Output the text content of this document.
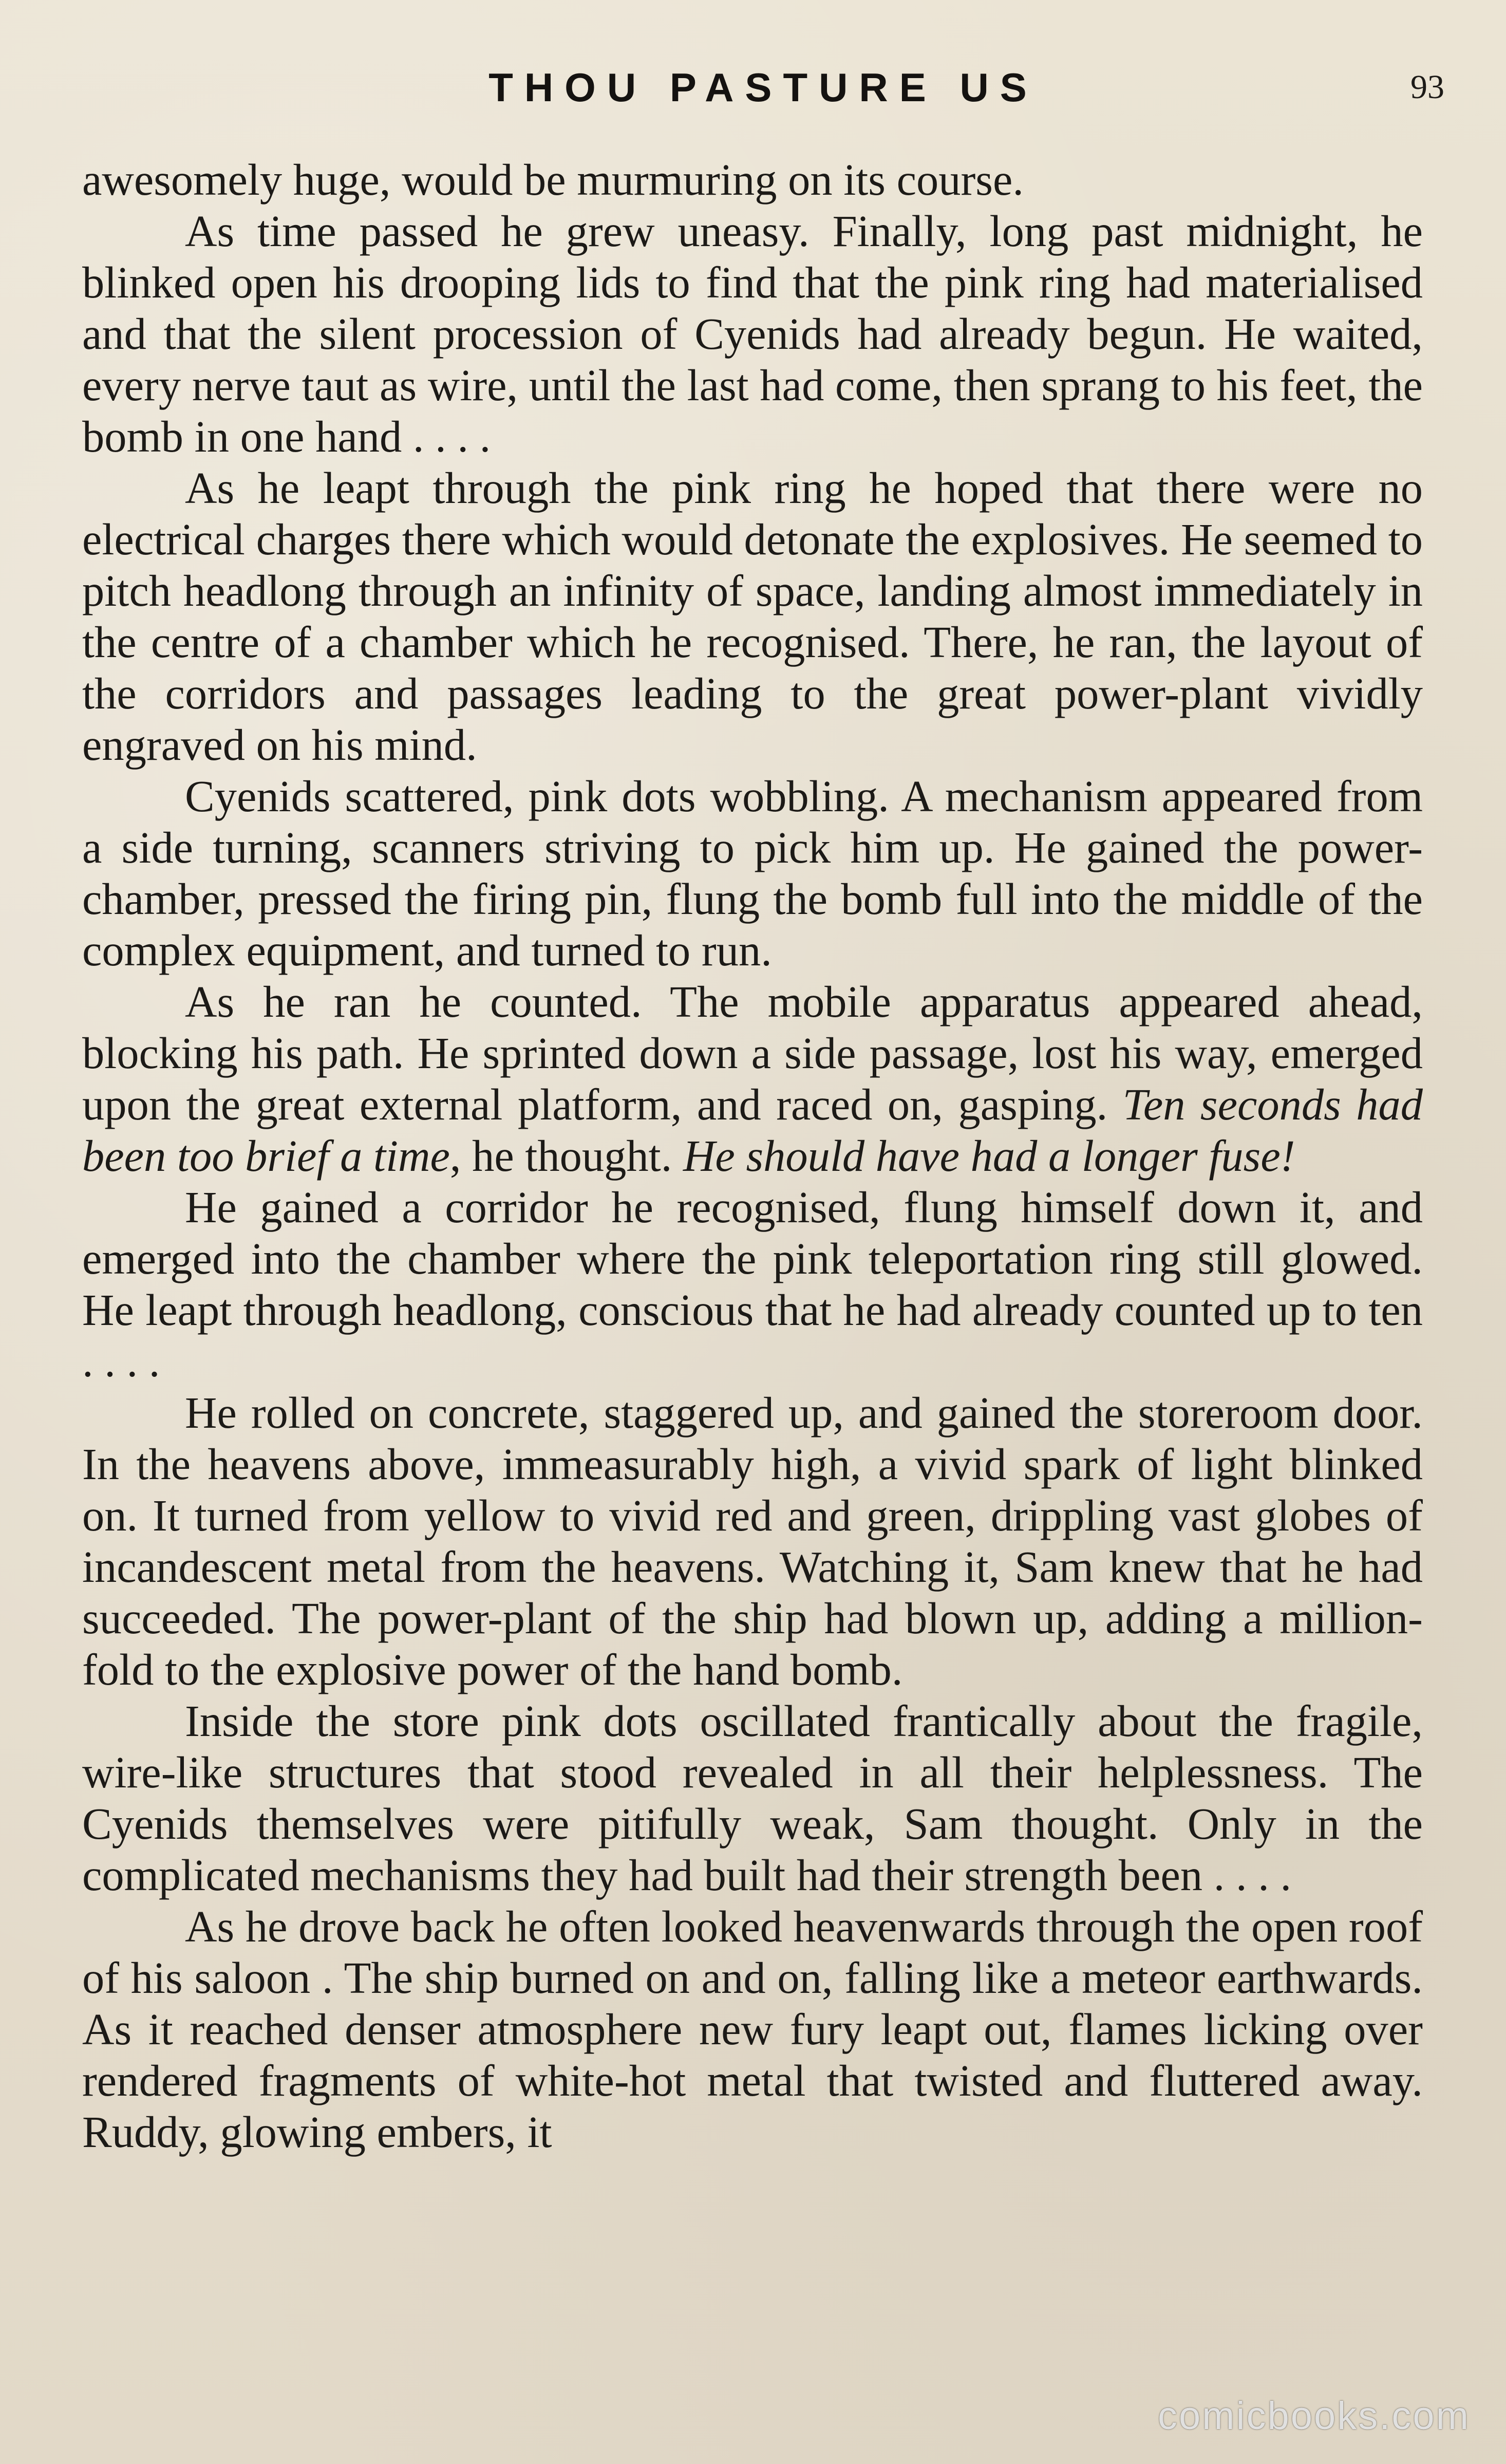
THOU PASTURE US	93

awesomely huge, would be murmuring on its course.

As time passed he grew uneasy. Finally, long past midnight, he blinked open his drooping lids to find that the pink ring had materialised and that the silent procession of Cyenids had already begun. He waited, every nerve taut as wire, until the last had come, then sprang to his feet, the bomb in one hand . . . .

As he leapt through the pink ring he hoped that there were no electrical charges there which would detonate the explosives. He seemed to pitch headlong through an infinity of space, landing almost immediately in the centre of a chamber which he recognised. There, he ran, the layout of the corridors and passages leading to the great power-plant vividly engraved on his mind.

Cyenids scattered, pink dots wobbling. A mechanism appeared from a side turning, scanners striving to pick him up. He gained the power-chamber, pressed the firing pin, flung the bomb full into the middle of the complex equipment, and turned to run.

As he ran he counted. The mobile apparatus appeared ahead, blocking his path. He sprinted down a side passage, lost his way, emerged upon the great external platform, and raced on, gasping. Ten seconds had been too brief a time, he thought. He should have had a longer fuse!

He gained a corridor he recognised, flung himself down it, and emerged into the chamber where the pink teleportation ring still glowed. He leapt through headlong, conscious that he had already counted up to ten . . . .

He rolled on concrete, staggered up, and gained the storeroom door. In the heavens above, immeasurably high, a vivid spark of light blinked on. It turned from yellow to vivid red and green, drippling vast globes of incandescent metal from the heavens. Watching it, Sam knew that he had succeeded. The power-plant of the ship had blown up, adding a million-fold to the explosive power of the hand bomb.

Inside the store pink dots oscillated frantically about the fragile, wire-like structures that stood revealed in all their helplessness. The Cyenids themselves were pitifully weak, Sam thought. Only in the complicated mechanisms they had built had their strength been . . . .

As he drove back he often looked heavenwards through the open roof of his saloon . The ship burned on and on, falling like a meteor earthwards. As it reached denser atmosphere new fury leapt out, flames licking over rendered fragments of white-hot metal that twisted and fluttered away. Ruddy, glowing embers, it

comicbooks.com
